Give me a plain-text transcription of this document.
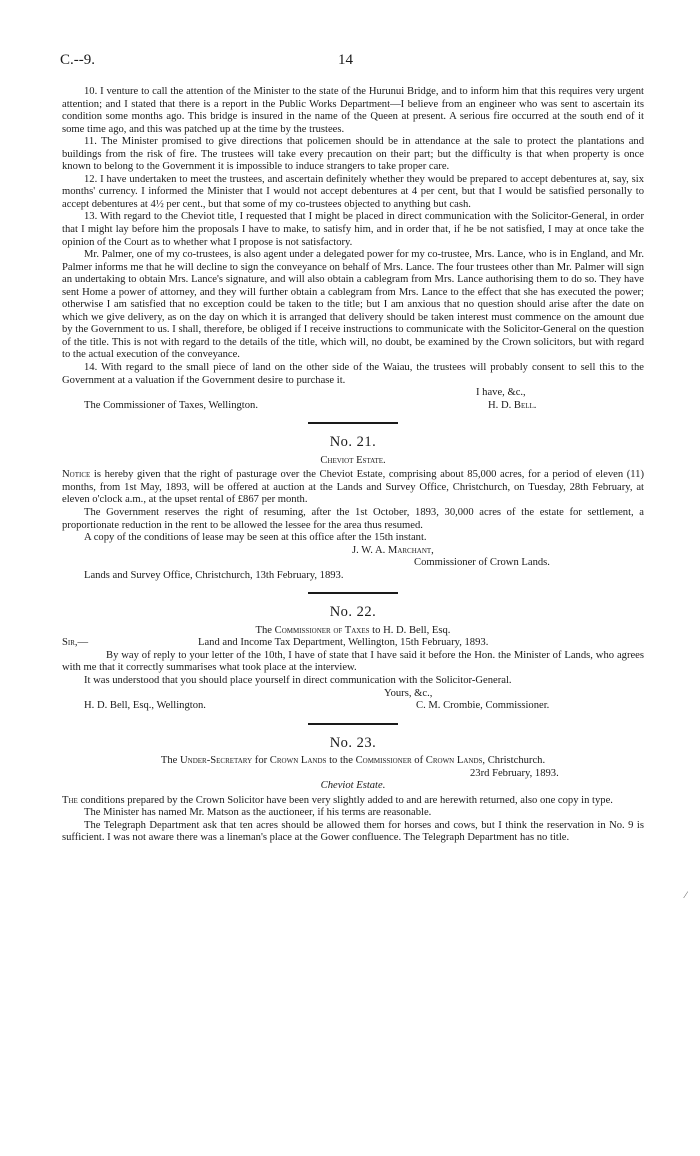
C.--9.	14

10. I venture to call the attention of the Minister to the state of the Hurunui Bridge, and to inform him that this requires very urgent attention; and I stated that there is a report in the Public Works Department—I believe from an engineer who was sent to ascertain its condition some months ago. This bridge is insured in the name of the Queen at present. A serious fire occurred at the south end of it some time ago, and this was patched up at the time by the trustees.

11. The Minister promised to give directions that policemen should be in attendance at the sale to protect the plantations and buildings from the risk of fire. The trustees will take every precaution on their part; but the difficulty is that when property is once known to belong to the Government it is impossible to induce strangers to take proper care.

12. I have undertaken to meet the trustees, and ascertain definitely whether they would be prepared to accept debentures at, say, six months' currency. I informed the Minister that I would not accept debentures at 4 per cent, but that I would be satisfied personally to accept debentures at 4½ per cent., but that some of my co-trustees objected to anything but cash.

13. With regard to the Cheviot title, I requested that I might be placed in direct communication with the Solicitor-General, in order that I might lay before him the proposals I have to make, to satisfy him, and in order that, if he be not satisfied, I may at once take the opinion of the Court as to whether what I propose is not satisfactory.

Mr. Palmer, one of my co-trustees, is also agent under a delegated power for my co-trustee, Mrs. Lance, who is in England, and Mr. Palmer informs me that he will decline to sign the conveyance on behalf of Mrs. Lance. The four trustees other than Mr. Palmer will sign an undertaking to obtain Mrs. Lance's signature, and will also obtain a cablegram from Mrs. Lance authorising them to do so. They have sent Home a power of attorney, and they will further obtain a cablegram from Mrs. Lance to the effect that she has executed the power; otherwise I am satisfied that no exception could be taken to the title; but I am anxious that no question should arise after the date on which we give delivery, as on the day on which it is arranged that delivery should be taken interest must commence on the amount due by the Government to us. I shall, therefore, be obliged if I receive instructions to communicate with the Solicitor-General on the question of the title. This is not with regard to the details of the title, which will, no doubt, be examined by the Crown solicitors, but with regard to the actual execution of the conveyance.

14. With regard to the small piece of land on the other side of the Waiau, the trustees will probably consent to sell this to the Government at a valuation if the Government desire to purchase it.

I have, &c.,
The Commissioner of Taxes, Wellington.	H. D. Bell.
No. 21.
Cheviot Estate.

Notice is hereby given that the right of pasturage over the Cheviot Estate, comprising about 85,000 acres, for a period of eleven (11) months, from 1st May, 1893, will be offered at auction at the Lands and Survey Office, Christchurch, on Tuesday, 28th February, at eleven o'clock a.m., at the upset rental of £867 per month.

The Government reserves the right of resuming, after the 1st October, 1893, 30,000 acres of the estate for settlement, a proportionate reduction in the rent to be allowed the lessee for the area thus resumed.

A copy of the conditions of lease may be seen at this office after the 15th instant.

J. W. A. Marchant,
Commissioner of Crown Lands.
Lands and Survey Office, Christchurch, 13th February, 1893.
No. 22.
The Commissioner of Taxes to H. D. Bell, Esq.
Sir,—	Land and Income Tax Department, Wellington, 15th February, 1893.

By way of reply to your letter of the 10th, I have of state that I have said it before the Hon. the Minister of Lands, who agrees with me that it correctly summarises what took place at the interview.

It was understood that you should place yourself in direct communication with the Solicitor-General.

Yours, &c.,
H. D. Bell, Esq., Wellington.	C. M. Crombie, Commissioner.
No. 23.
The Under-Secretary for Crown Lands to the Commissioner of Crown Lands, Christchurch.
23rd February, 1893.
Cheviot Estate.

The conditions prepared by the Crown Solicitor have been very slightly added to and are herewith returned, also one copy in type.

The Minister has named Mr. Matson as the auctioneer, if his terms are reasonable.

The Telegraph Department ask that ten acres should be allowed them for horses and cows, but I think the reservation in No. 9 is sufficient. I was not aware there was a lineman's place at the Gower confluence. The Telegraph Department has no title.

⁄
